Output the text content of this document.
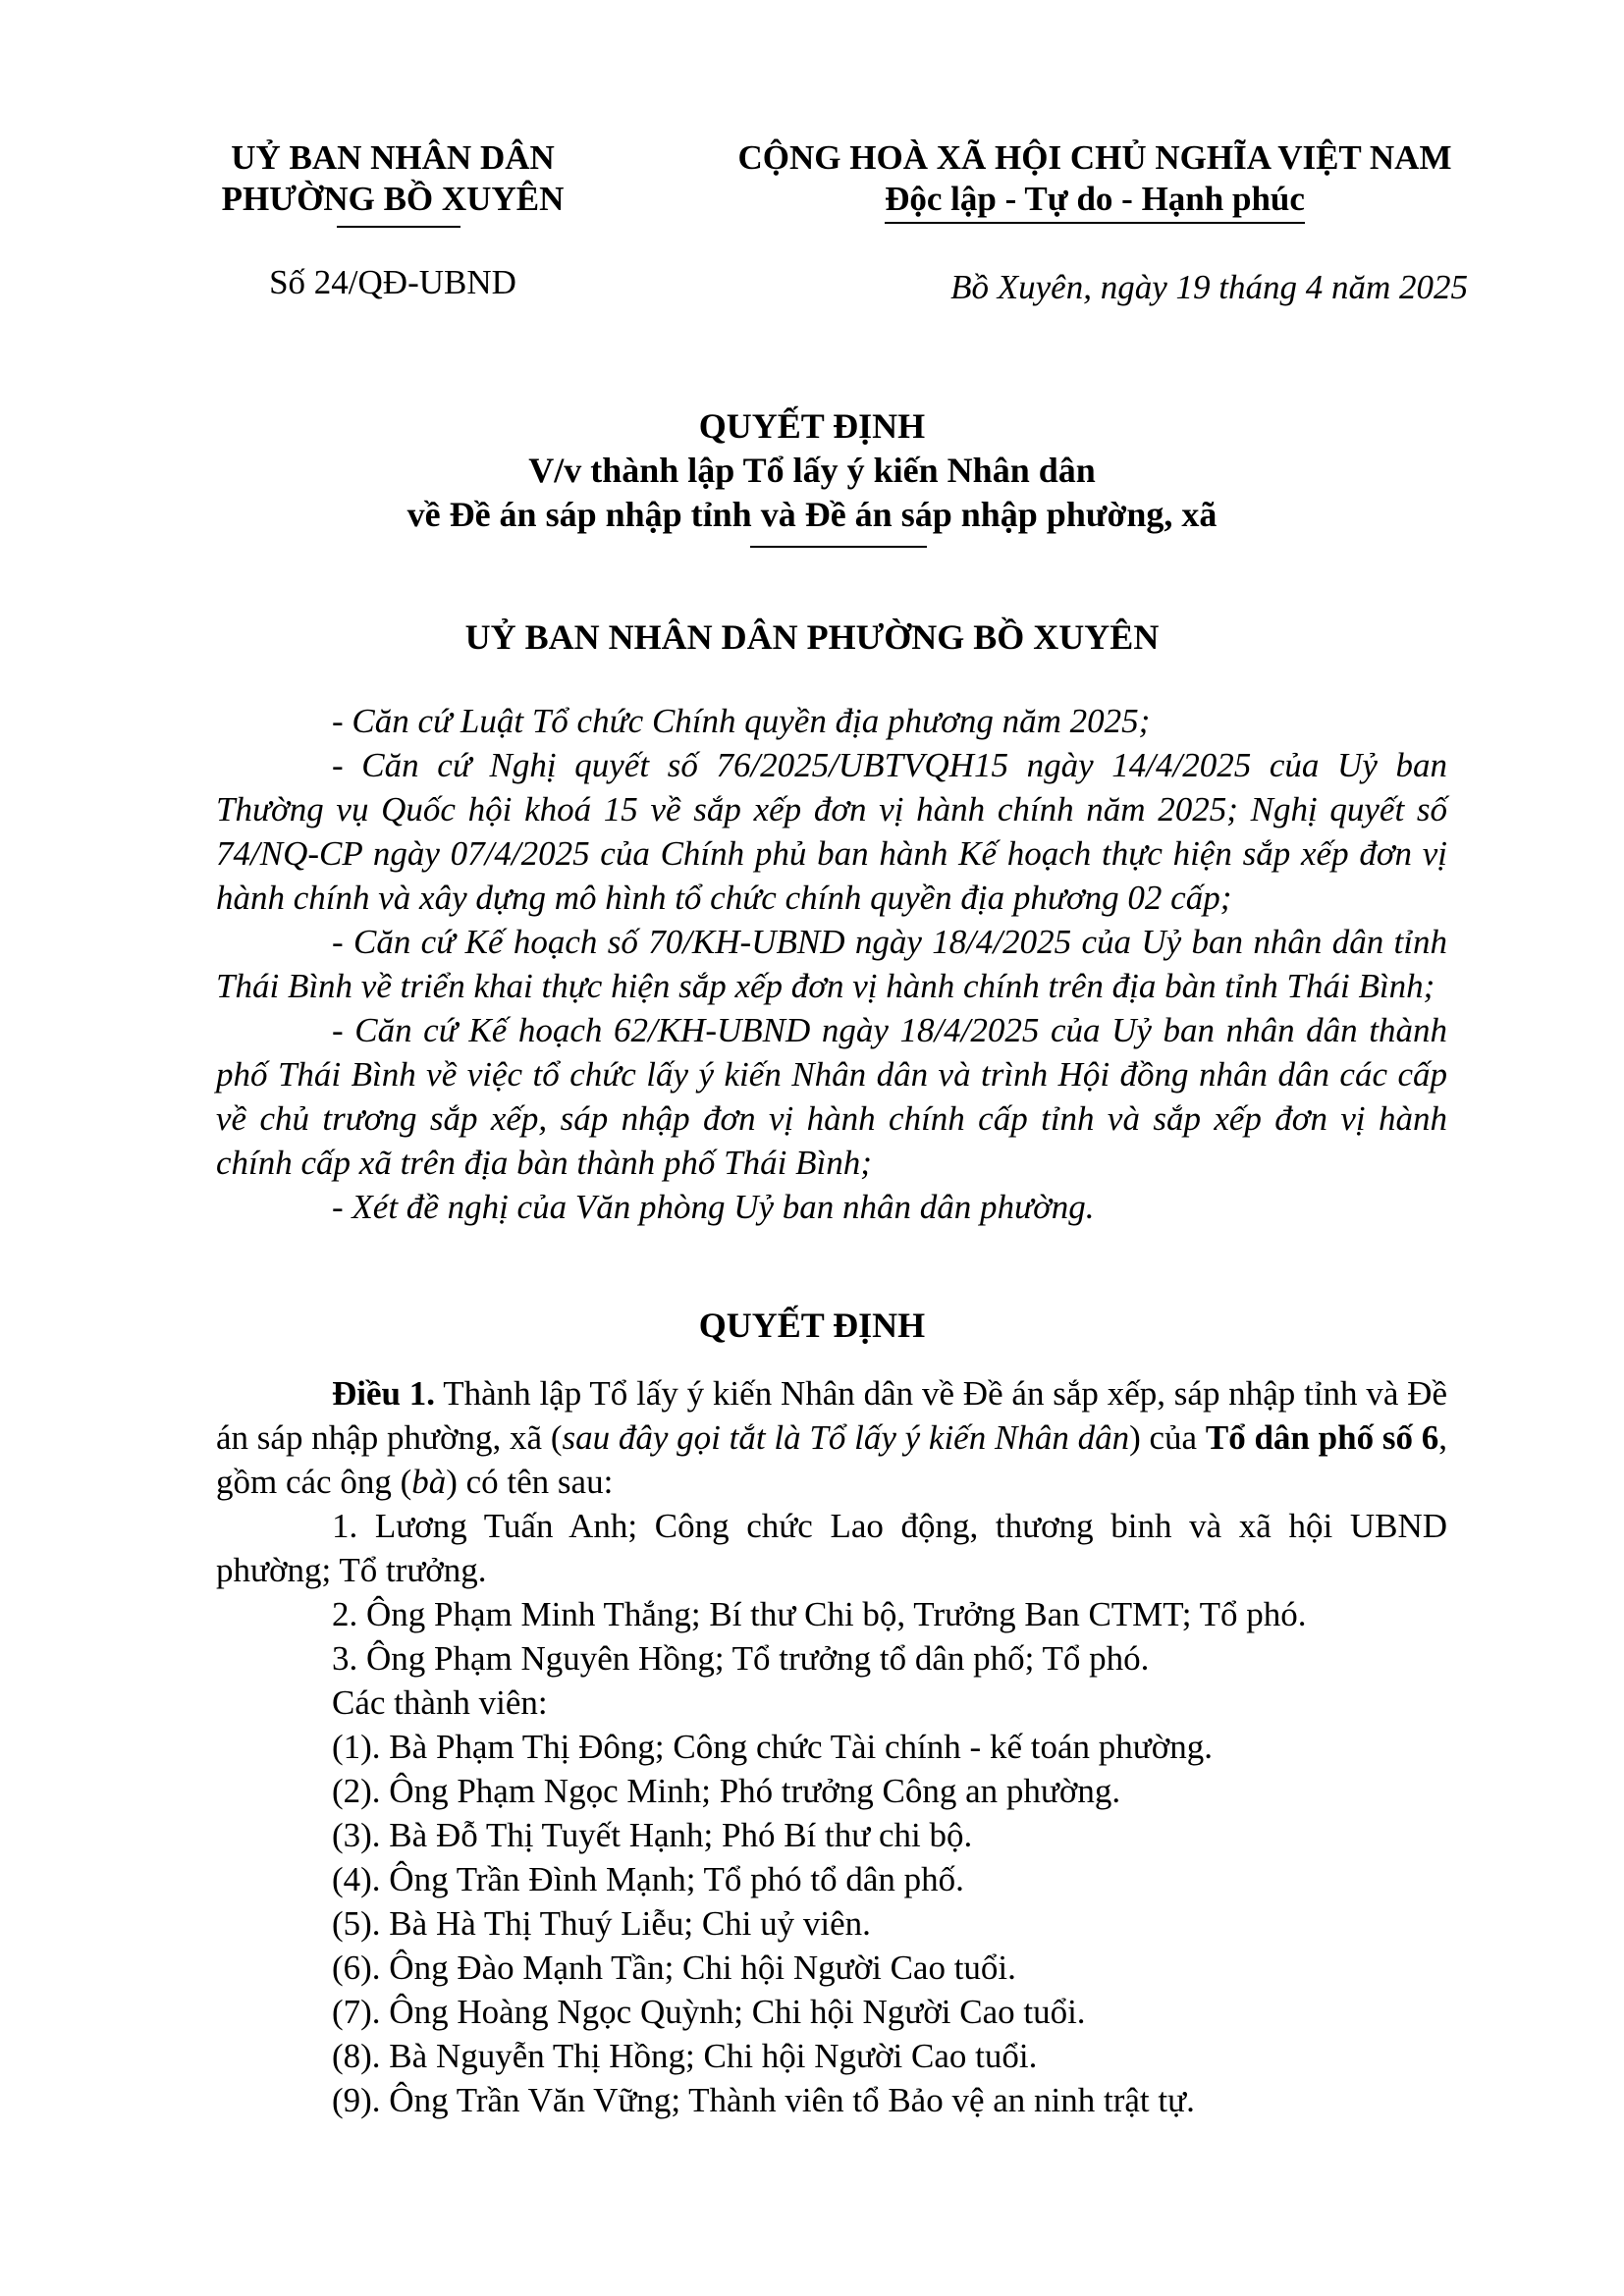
UỶ BAN NHÂN DÂN
PHƯỜNG BỒ XUYÊN
CỘNG HOÀ XÃ HỘI CHỦ NGHĨA VIỆT NAM
Độc lập - Tự do - Hạnh phúc
Số 24/QĐ-UBND	Bồ Xuyên, ngày 19 tháng 4 năm 2025
QUYẾT ĐỊNH
V/v thành lập Tổ lấy ý kiến Nhân dân
về Đề án sáp nhập tỉnh và Đề án sáp nhập phường, xã
UỶ BAN NHÂN DÂN PHƯỜNG BỒ XUYÊN

- Căn cứ Luật Tổ chức Chính quyền địa phương năm 2025;

- Căn cứ Nghị quyết số 76/2025/UBTVQH15 ngày 14/4/2025 của Uỷ ban Thường vụ Quốc hội khoá 15 về sắp xếp đơn vị hành chính năm 2025; Nghị quyết số 74/NQ-CP ngày 07/4/2025 của Chính phủ ban hành Kế hoạch thực hiện sắp xếp đơn vị hành chính và xây dựng mô hình tổ chức chính quyền địa phương 02 cấp;

- Căn cứ Kế hoạch số 70/KH-UBND ngày 18/4/2025 của Uỷ ban nhân dân tỉnh Thái Bình về triển khai thực hiện sắp xếp đơn vị hành chính trên địa bàn tỉnh Thái Bình;

- Căn cứ Kế hoạch 62/KH-UBND ngày 18/4/2025 của Uỷ ban nhân dân thành phố Thái Bình về việc tổ chức lấy ý kiến Nhân dân và trình Hội đồng nhân dân các cấp về chủ trương sắp xếp, sáp nhập đơn vị hành chính cấp tỉnh và sắp xếp đơn vị hành chính cấp xã trên địa bàn thành phố Thái Bình;

- Xét đề nghị của Văn phòng Uỷ ban nhân dân phường.

QUYẾT ĐỊNH

Điều 1. Thành lập Tổ lấy ý kiến Nhân dân về Đề án sắp xếp, sáp nhập tỉnh và Đề án sáp nhập phường, xã (sau đây gọi tắt là Tổ lấy ý kiến Nhân dân) của Tổ dân phố số 6, gồm các ông (bà) có tên sau:

1. Lương Tuấn Anh; Công chức Lao động, thương binh và xã hội UBND phường; Tổ trưởng.

2. Ông Phạm Minh Thắng; Bí thư Chi bộ, Trưởng Ban CTMT; Tổ phó.

3. Ông Phạm Nguyên Hồng; Tổ trưởng tổ dân phố; Tổ phó.

Các thành viên:

(1). Bà Phạm Thị Đông; Công chức Tài chính - kế toán phường.

(2). Ông Phạm Ngọc Minh; Phó trưởng Công an phường.

(3). Bà Đỗ Thị Tuyết Hạnh; Phó Bí thư chi bộ.

(4). Ông Trần Đình Mạnh; Tổ phó tổ dân phố.

(5). Bà Hà Thị Thuý Liễu; Chi uỷ viên.

(6). Ông Đào Mạnh Tần; Chi hội Người Cao tuổi.

(7). Ông Hoàng Ngọc Quỳnh; Chi hội Người Cao tuổi.

(8). Bà Nguyễn Thị Hồng; Chi hội Người Cao tuổi.

(9). Ông Trần Văn Vững; Thành viên tổ Bảo vệ an ninh trật tự.
